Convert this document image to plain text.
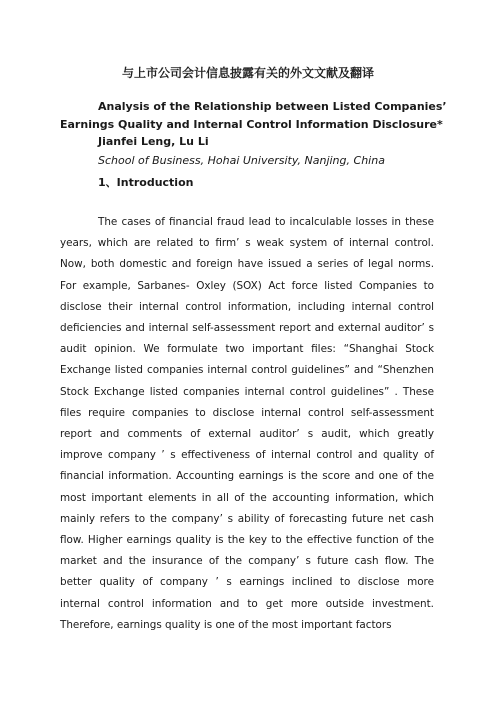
与上市公司会计信息披露有关的外文文献及翻译
Analysis of the Relationship between Listed Companies’
Earnings Quality and Internal Control Information Disclosure*
Jianfei Leng, Lu Li
School of Business, Hohai University, Nanjing, China
1、Introduction

The cases of financial fraud lead to incalculable losses in these years, which are related to firm’ s weak system of internal control. Now, both domestic and foreign have issued a series of legal norms. For example, Sarbanes- Oxley (SOX) Act force listed Companies to disclose their internal control information, including internal control deficiencies and internal self-assessment report and external auditor’ s audit opinion. We formulate two important files: “Shanghai Stock Exchange listed companies internal control guidelines” and “Shenzhen Stock Exchange listed companies internal control guidelines” . These files require companies to disclose internal control self-assessment report and comments of external auditor’ s audit, which greatly improve company ’ s effectiveness of internal control and quality of financial information. Accounting earnings is the score and one of the most important elements in all of the accounting information, which mainly refers to the company’ s ability of forecasting future net cash flow. Higher earnings quality is the key to the effective function of the market and the insurance of the company’ s future cash flow. The better quality of company ’ s earnings inclined to disclose more internal control information and to get more outside investment. Therefore, earnings quality is one of the most important factors
